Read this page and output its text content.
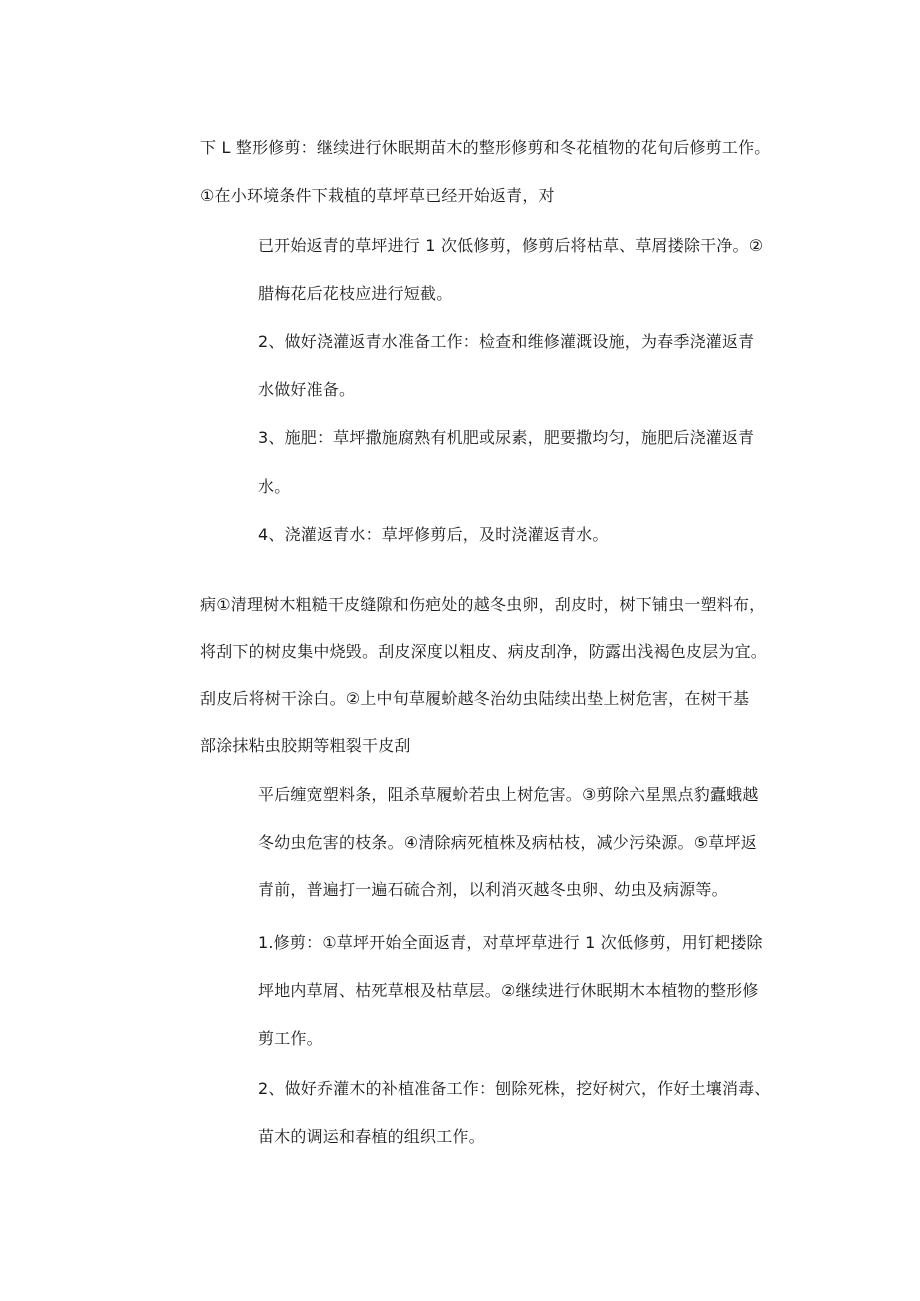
下 L 整形修剪：继续进行休眠期苗木的整形修剪和冬花植物的花旬后修剪工作。
①在小环境条件下栽植的草坪草已经开始返青，对
已开始返青的草坪进行 1 次低修剪，修剪后将枯草、草屑搂除干净。②
腊梅花后花枝应进行短截。
2、做好浇灌返青水准备工作：检查和维修灌溉设施，为春季浇灌返青
水做好准备。
3、施肥：草坪撒施腐熟有机肥或尿素，肥要撒均匀，施肥后浇灌返青
水。
4、浇灌返青水：草坪修剪后，及时浇灌返青水。
病①清理树木粗糙干皮缝隙和伤疤处的越冬虫卵，刮皮时，树下铺虫一塑料布，
将刮下的树皮集中烧毁。刮皮深度以粗皮、病皮刮净，防露出浅褐色皮层为宜。
刮皮后将树干涂白。②上中旬草履蚧越冬治幼虫陆续出垫上树危害，在树干基
部涂抹粘虫胶期等粗裂干皮刮
平后缠宽塑料条，阻杀草履蚧若虫上树危害。③剪除六星黑点豹蠹蛾越
冬幼虫危害的枝条。④清除病死植株及病枯枝，减少污染源。⑤草坪返
青前，普遍打一遍石硫合剂，以利消灭越冬虫卵、幼虫及病源等。
1.修剪：①草坪开始全面返青，对草坪草进行 1 次低修剪，用钉耙搂除
坪地内草屑、枯死草根及枯草层。②继续进行休眠期木本植物的整形修
剪工作。
2、做好乔灌木的补植准备工作：刨除死株，挖好树穴，作好土壤消毒、
苗木的调运和春植的组织工作。
